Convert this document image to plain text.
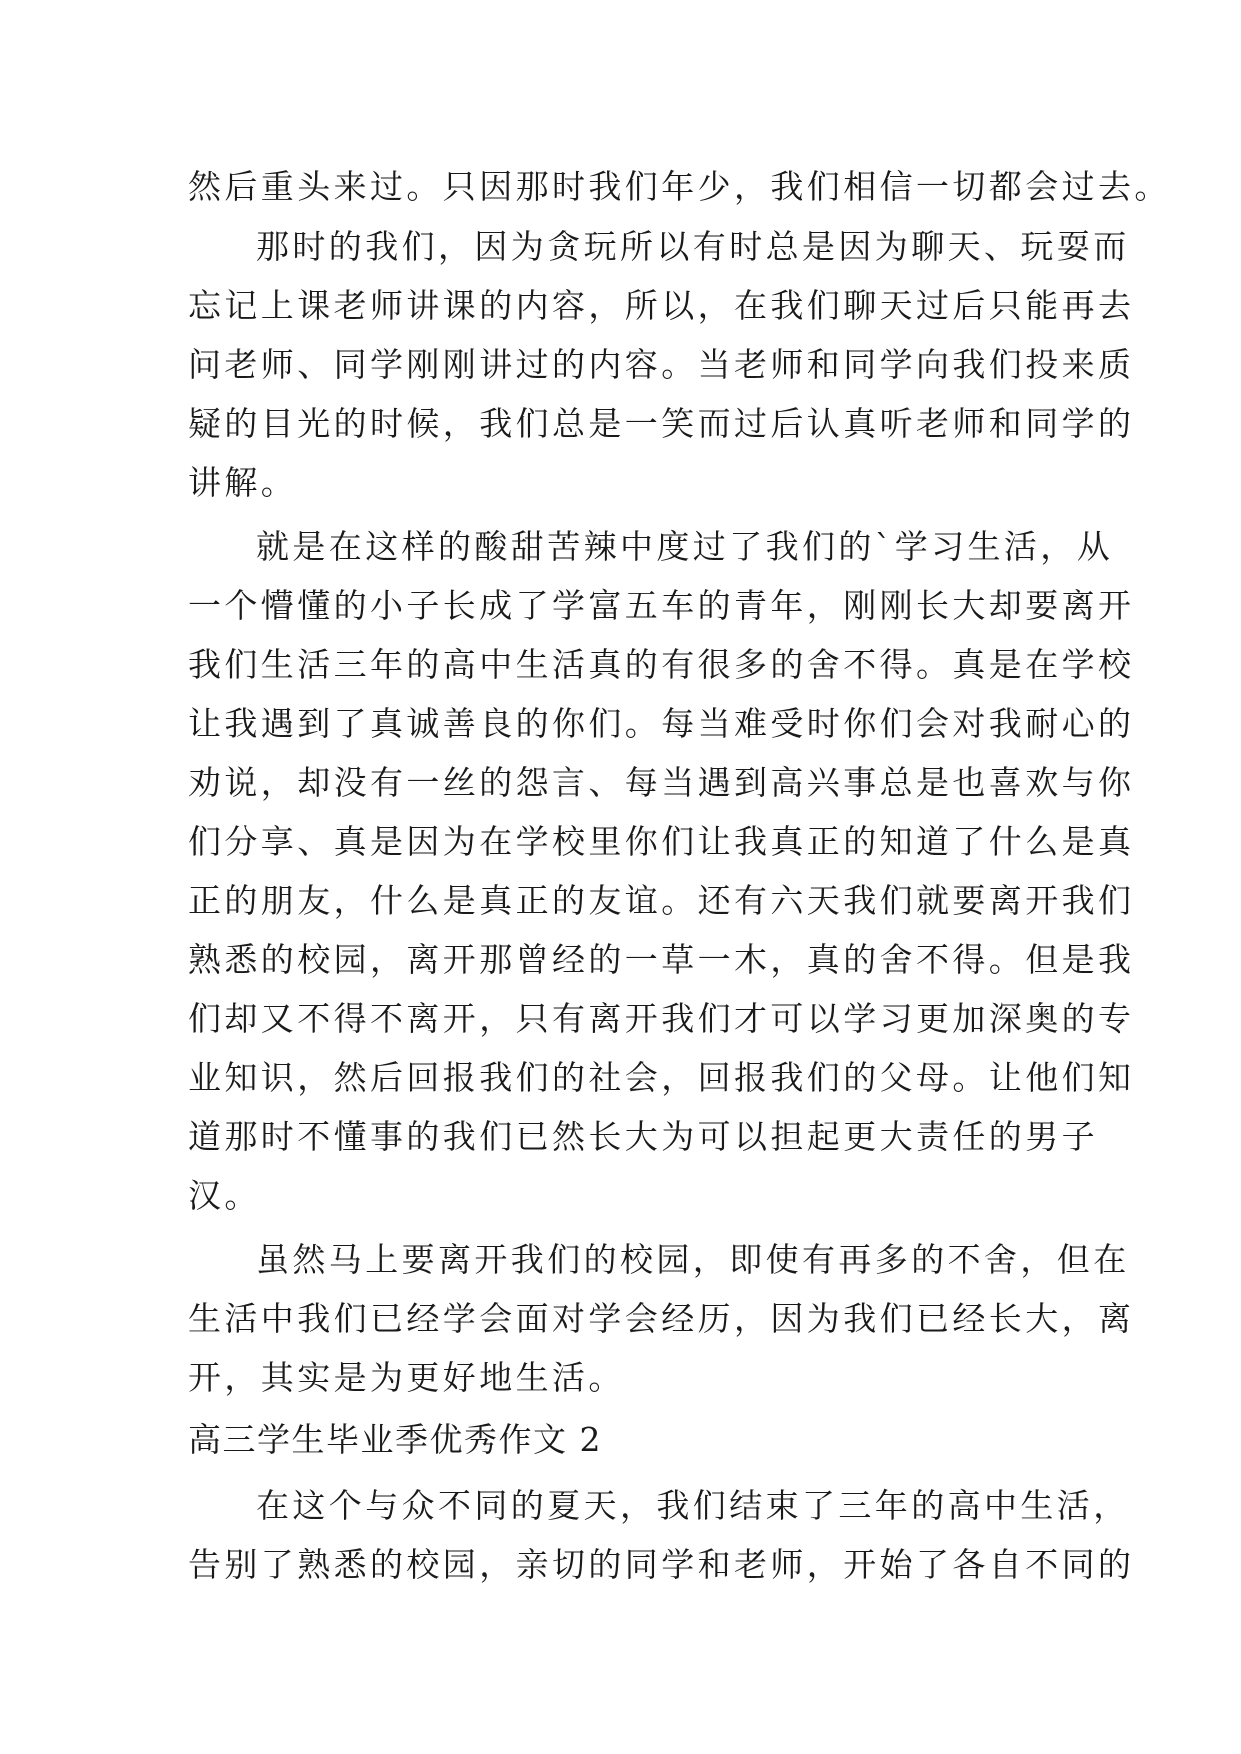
然后重头来过。只因那时我们年少，我们相信一切都会过去。
那时的我们，因为贪玩所以有时总是因为聊天、玩耍而
忘记上课老师讲课的内容，所以，在我们聊天过后只能再去
问老师、同学刚刚讲过的内容。当老师和同学向我们投来质
疑的目光的时候，我们总是一笑而过后认真听老师和同学的
讲解。
就是在这样的酸甜苦辣中度过了我们的`学习生活，从
一个懵懂的小子长成了学富五车的青年，刚刚长大却要离开
我们生活三年的高中生活真的有很多的舍不得。真是在学校
让我遇到了真诚善良的你们。每当难受时你们会对我耐心的
劝说，却没有一丝的怨言、每当遇到高兴事总是也喜欢与你
们分享、真是因为在学校里你们让我真正的知道了什么是真
正的朋友，什么是真正的友谊。还有六天我们就要离开我们
熟悉的校园，离开那曾经的一草一木，真的舍不得。但是我
们却又不得不离开，只有离开我们才可以学习更加深奥的专
业知识，然后回报我们的社会，回报我们的父母。让他们知
道那时不懂事的我们已然长大为可以担起更大责任的男子
汉。
虽然马上要离开我们的校园，即使有再多的不舍，但在
生活中我们已经学会面对学会经历，因为我们已经长大，离
开，其实是为更好地生活。
高三学生毕业季优秀作文 2
在这个与众不同的夏天，我们结束了三年的高中生活，
告别了熟悉的校园，亲切的同学和老师，开始了各自不同的
